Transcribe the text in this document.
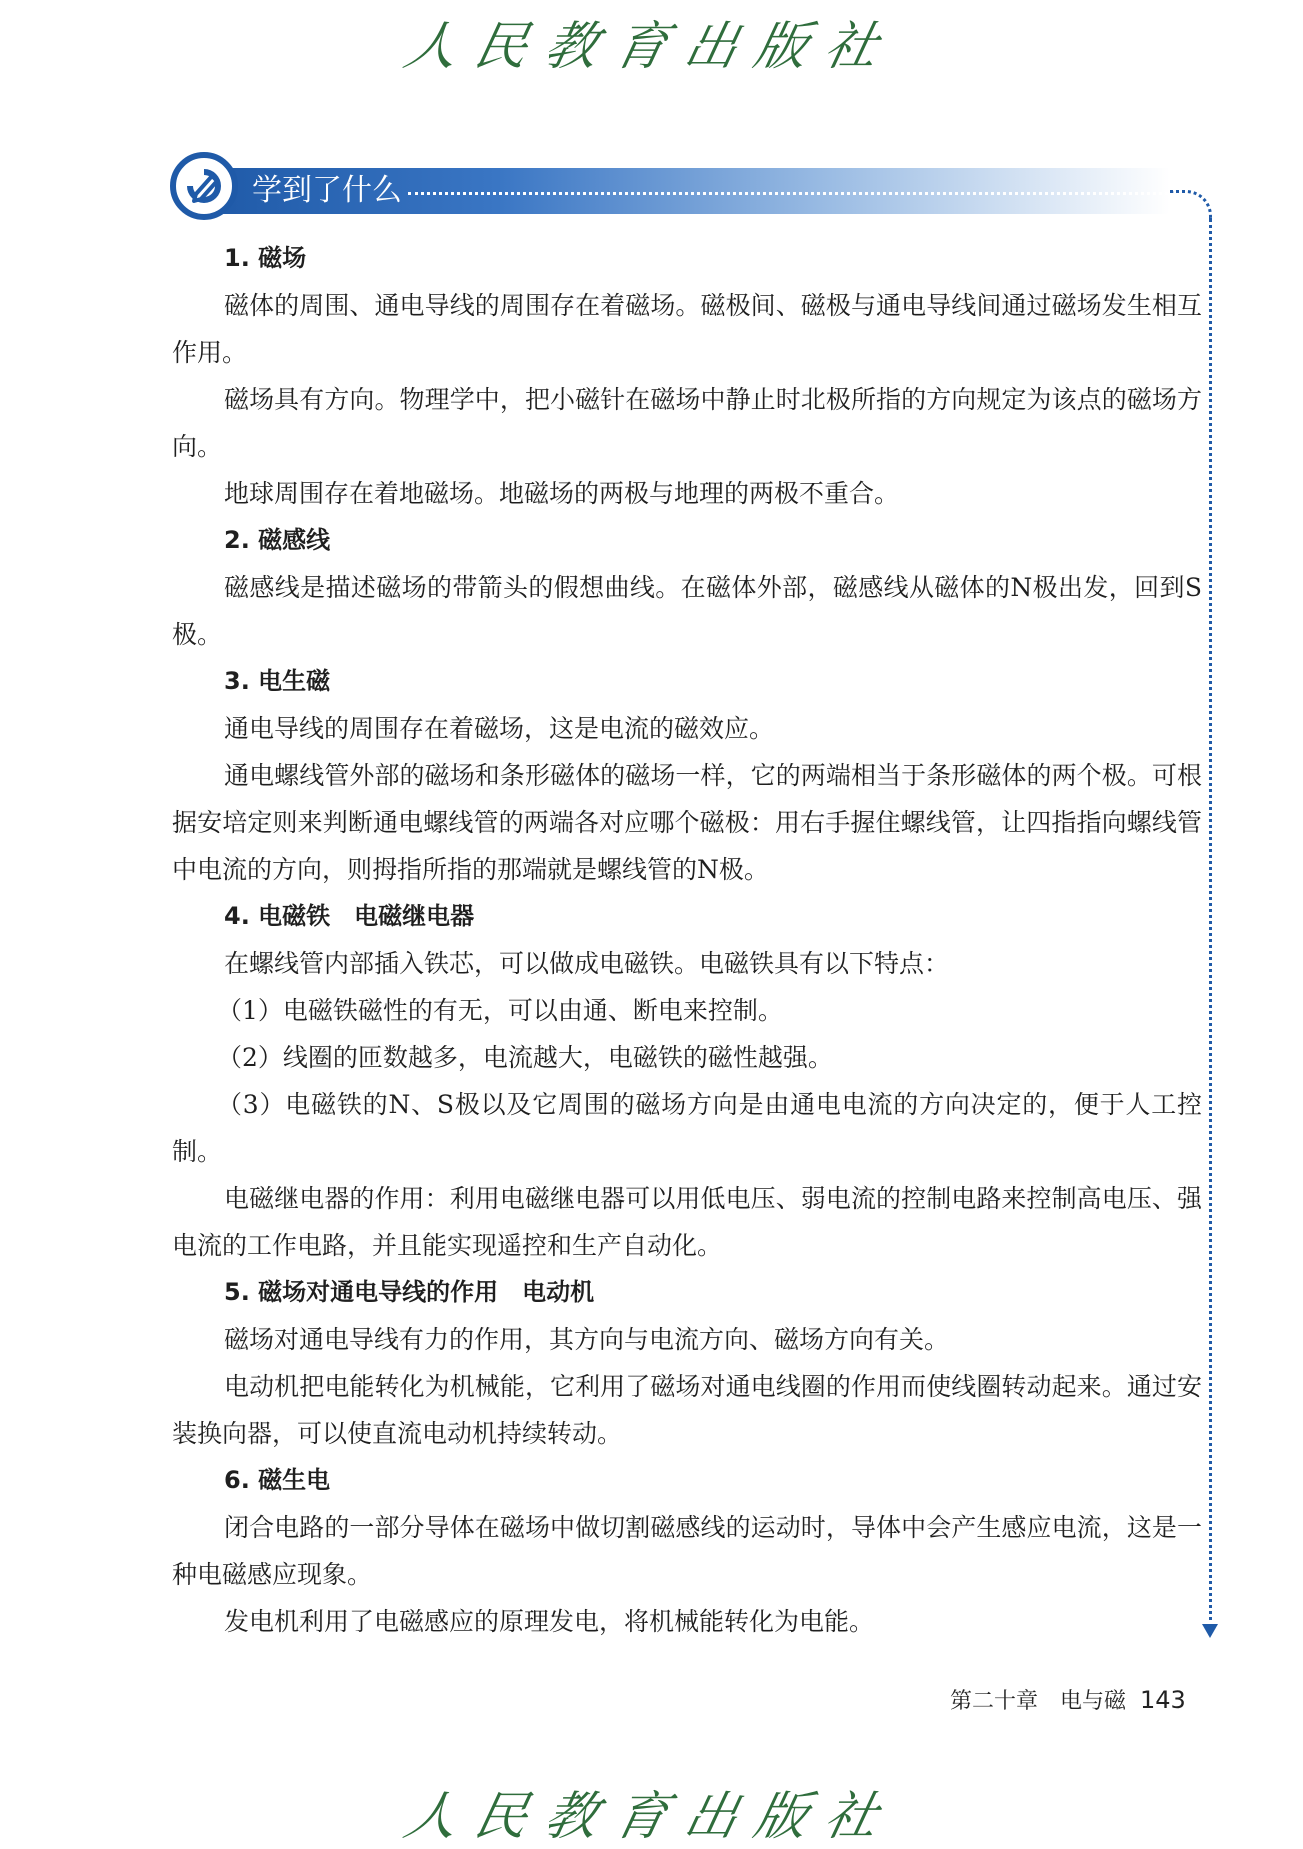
人民教育出版社
学到了什么

1. 磁场

磁体的周围、通电导线的周围存在着磁场。磁极间、磁极与通电导线间通过磁场发生相互作用。

磁场具有方向。物理学中，把小磁针在磁场中静止时北极所指的方向规定为该点的磁场方向。

地球周围存在着地磁场。地磁场的两极与地理的两极不重合。

2. 磁感线

磁感线是描述磁场的带箭头的假想曲线。在磁体外部，磁感线从磁体的N极出发，回到S极。

3. 电生磁

通电导线的周围存在着磁场，这是电流的磁效应。

通电螺线管外部的磁场和条形磁体的磁场一样，它的两端相当于条形磁体的两个极。可根据安培定则来判断通电螺线管的两端各对应哪个磁极：用右手握住螺线管，让四指指向螺线管中电流的方向，则拇指所指的那端就是螺线管的N极。

4. 电磁铁　电磁继电器

在螺线管内部插入铁芯，可以做成电磁铁。电磁铁具有以下特点：

（1）电磁铁磁性的有无，可以由通、断电来控制。

（2）线圈的匝数越多，电流越大，电磁铁的磁性越强。

（3）电磁铁的N、S极以及它周围的磁场方向是由通电电流的方向决定的，便于人工控制。

电磁继电器的作用：利用电磁继电器可以用低电压、弱电流的控制电路来控制高电压、强电流的工作电路，并且能实现遥控和生产自动化。

5. 磁场对通电导线的作用　电动机

磁场对通电导线有力的作用，其方向与电流方向、磁场方向有关。

电动机把电能转化为机械能，它利用了磁场对通电线圈的作用而使线圈转动起来。通过安装换向器，可以使直流电动机持续转动。

6. 磁生电

闭合电路的一部分导体在磁场中做切割磁感线的运动时，导体中会产生感应电流，这是一种电磁感应现象。

发电机利用了电磁感应的原理发电，将机械能转化为电能。

第二十章　电与磁 143
人民教育出版社
